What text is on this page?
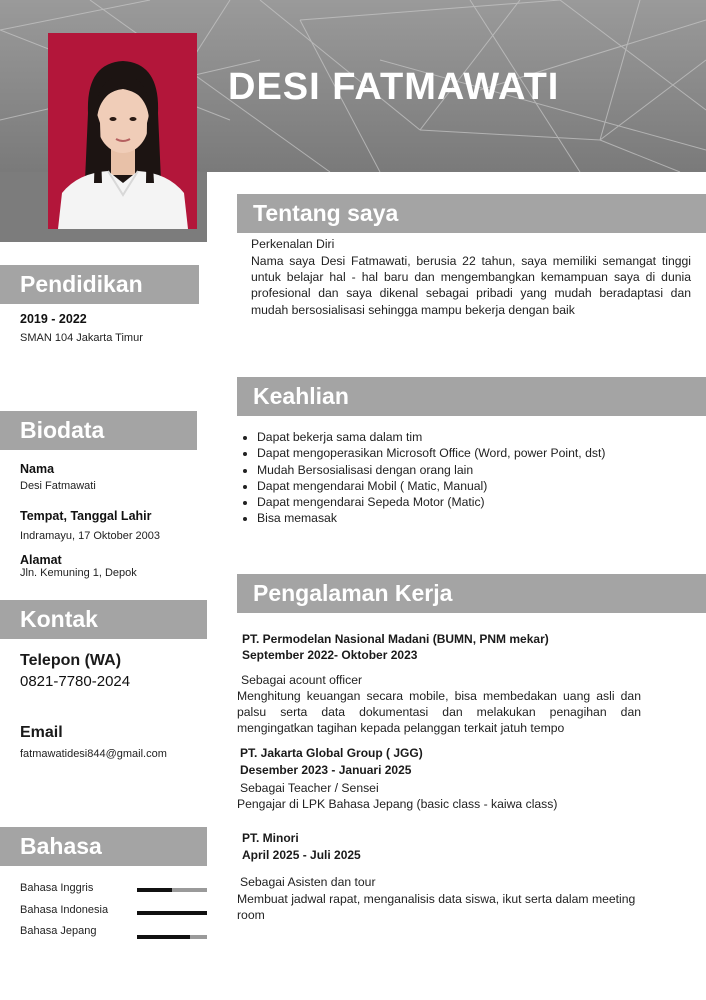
DESI FATMAWATI
Tentang saya
Perkenalan Diri
Nama saya Desi Fatmawati, berusia 22 tahun, saya memiliki semangat tinggi untuk belajar hal - hal baru dan mengembangkan kemampuan saya di dunia profesional dan saya dikenal sebagai pribadi yang mudah beradaptasi dan mudah bersosialisasi sehingga mampu bekerja dengan baik
Keahlian
• Dapat bekerja sama dalam tim
• Dapat mengoperasikan Microsoft Office (Word, power Point, dst)
• Mudah Bersosialisasi dengan orang lain
• Dapat mengendarai Mobil ( Matic, Manual)
• Dapat mengendarai Sepeda Motor (Matic)
• Bisa memasak
Pengalaman Kerja
PT. Permodelan Nasional Madani (BUMN, PNM mekar)
September 2022- Oktober 2023
Sebagai acount officer
Menghitung keuangan secara mobile, bisa membedakan uang asli dan palsu serta data dokumentasi dan melakukan penagihan dan mengingatkan tagihan kepada pelanggan terkait jatuh tempo
PT. Jakarta Global Group ( JGG)
Desember 2023 - Januari 2025
Sebagai Teacher / Sensei
Pengajar di LPK Bahasa Jepang (basic class - kaiwa class)
PT. Minori
April 2025 - Juli 2025
Sebagai Asisten dan tour
Membuat jadwal rapat, menganalisis data siswa, ikut serta dalam meeting room
Pendidikan
2019 - 2022
SMAN 104 Jakarta Timur
Biodata
Nama
Desi Fatmawati
Tempat, Tanggal Lahir
Indramayu, 17 Oktober 2003
Alamat
Jln. Kemuning 1, Depok
Kontak
Telepon (WA)
0821-7780-2024
Email
fatmawatidesi844@gmail.com
Bahasa
Bahasa Inggris
Bahasa Indonesia
Bahasa Jepang
